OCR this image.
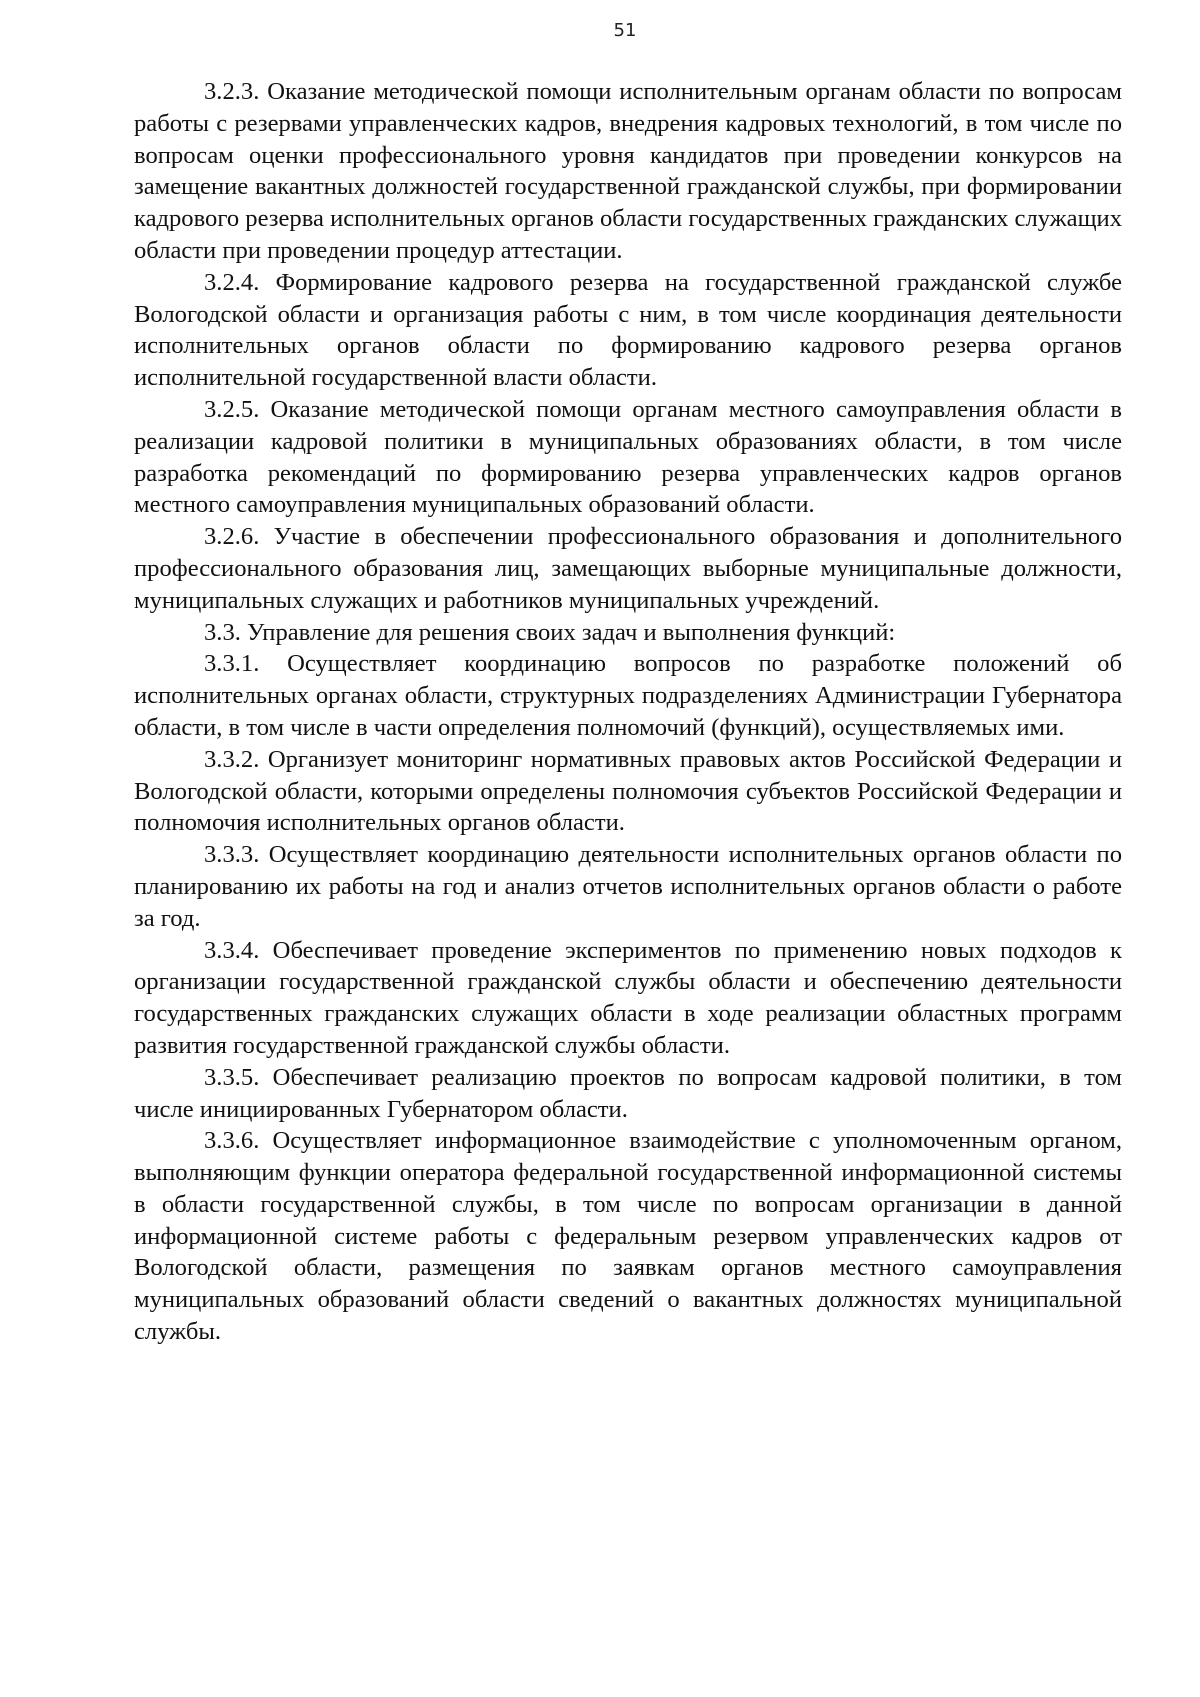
51

3.2.3. Оказание методической помощи исполнительным органам области по вопросам работы с резервами управленческих кадров, внедрения кадровых технологий, в том числе по вопросам оценки профессионального уровня кандидатов при проведении конкурсов на замещение вакантных должностей государственной гражданской службы, при формировании кадрового резерва исполнительных органов области государственных гражданских служащих области при проведении процедур аттестации.

3.2.4. Формирование кадрового резерва на государственной гражданской службе Вологодской области и организация работы с ним, в том числе координация деятельности исполнительных органов области по формированию кадрового резерва органов исполнительной государственной власти области.

3.2.5. Оказание методической помощи органам местного самоуправления области в реализации кадровой политики в муниципальных образованиях области, в том числе разработка рекомендаций по формированию резерва управленческих кадров органов местного самоуправления муниципальных образований области.

3.2.6. Участие в обеспечении профессионального образования и дополнительного профессионального образования лиц, замещающих выборные муниципальные должности, муниципальных служащих и работников муниципальных учреждений.

3.3. Управление для решения своих задач и выполнения функций:

3.3.1. Осуществляет координацию вопросов по разработке положений об исполнительных органах области, структурных подразделениях Администрации Губернатора области, в том числе в части определения полномочий (функций), осуществляемых ими.

3.3.2. Организует мониторинг нормативных правовых актов Российской Федерации и Вологодской области, которыми определены полномочия субъектов Российской Федерации и полномочия исполнительных органов области.

3.3.3. Осуществляет координацию деятельности исполнительных органов области по планированию их работы на год и анализ отчетов исполнительных органов области о работе за год.

3.3.4. Обеспечивает проведение экспериментов по применению новых подходов к организации государственной гражданской службы области и обеспечению деятельности государственных гражданских служащих области в ходе реализации областных программ развития государственной гражданской службы области.

3.3.5. Обеспечивает реализацию проектов по вопросам кадровой политики, в том числе инициированных Губернатором области.

3.3.6. Осуществляет информационное взаимодействие с уполномоченным органом, выполняющим функции оператора федеральной государственной информационной системы в области государственной службы, в том числе по вопросам организации в данной информационной системе работы с федеральным резервом управленческих кадров от Вологодской области, размещения по заявкам органов местного самоуправления муниципальных образований области сведений о вакантных должностях муниципальной службы.
